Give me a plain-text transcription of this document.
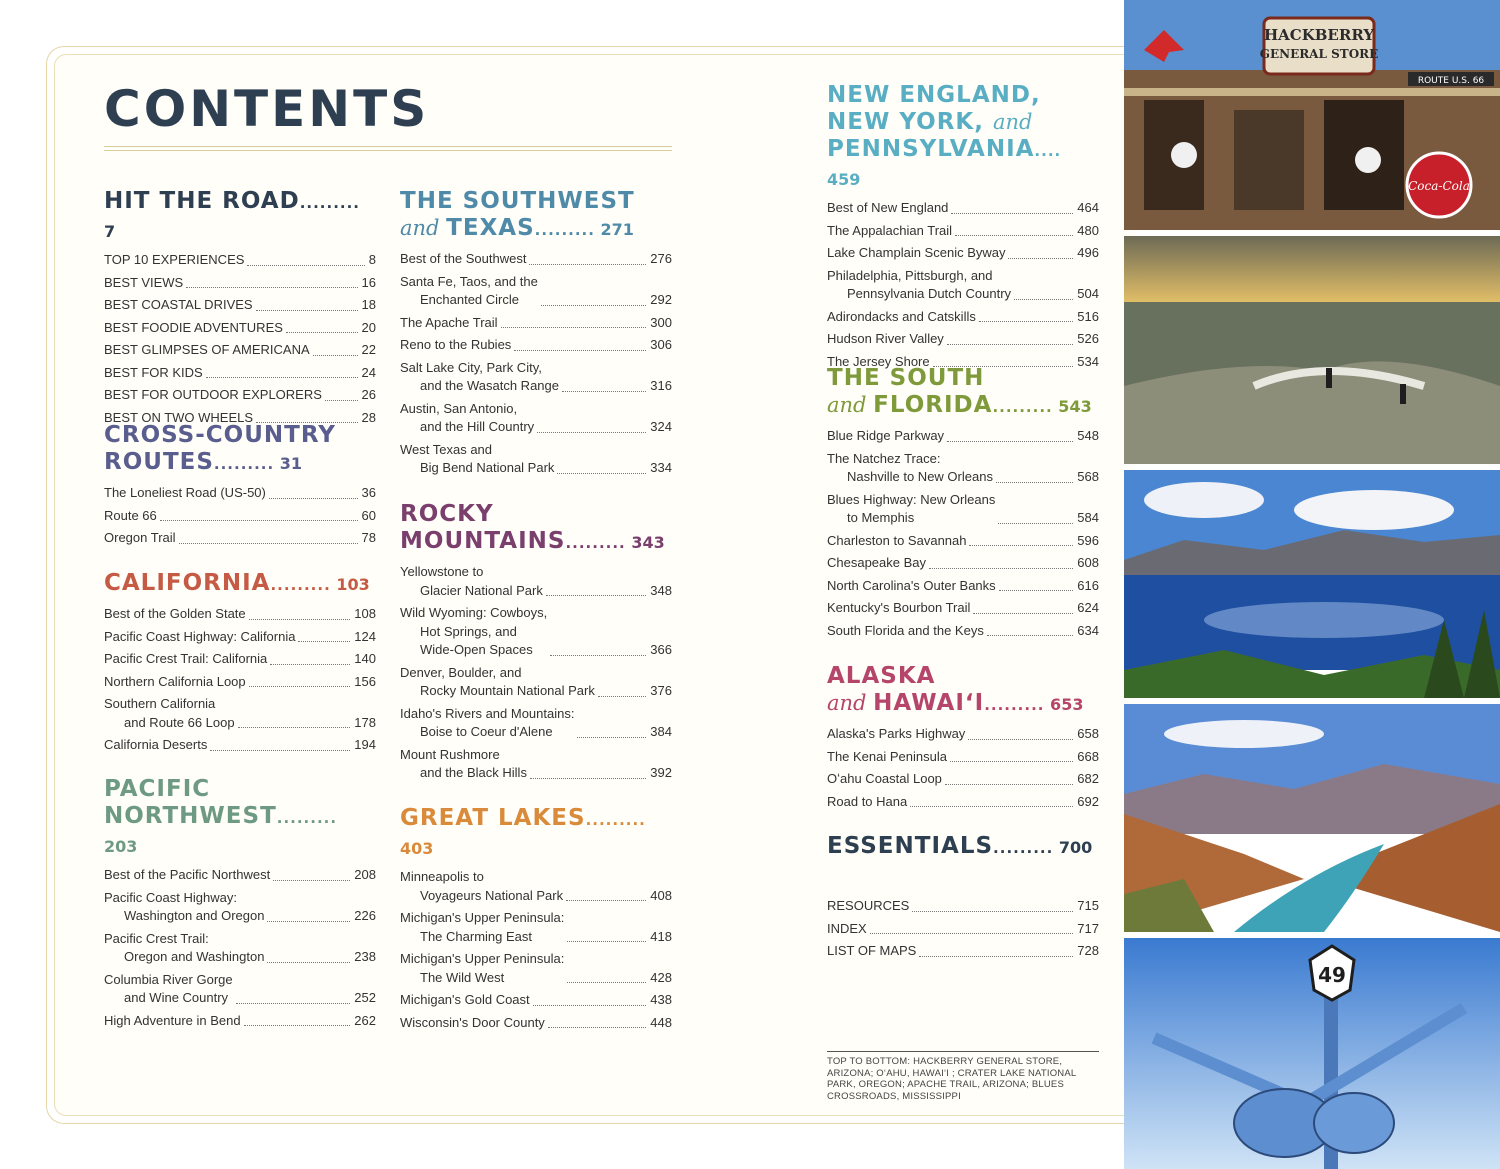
CONTENTS
HIT THE ROAD......... 7
TOP 10 EXPERIENCES	8
BEST VIEWS	16
BEST COASTAL DRIVES	18
BEST FOODIE ADVENTURES	20
BEST GLIMPSES OF AMERICANA	22
BEST FOR KIDS	24
BEST FOR OUTDOOR EXPLORERS	26
BEST ON TWO WHEELS	28
CROSS-COUNTRY
ROUTES......... 31
The Loneliest Road (US-50)	36
Route 66	60
Oregon Trail	78
CALIFORNIA......... 103
Best of the Golden State	108
Pacific Coast Highway: California	124
Pacific Crest Trail: California	140
Northern California Loop	156
Southern California
and Route 66 Loop	178
California Deserts	194
PACIFIC
NORTHWEST......... 203
Best of the Pacific Northwest	208
Pacific Coast Highway:
Washington and Oregon	226
Pacific Crest Trail:
Oregon and Washington	238
Columbia River Gorge
and Wine Country	252
High Adventure in Bend	262
THE SOUTHWEST
and TEXAS......... 271
Best of the Southwest	276
Santa Fe, Taos, and the
Enchanted Circle	292
The Apache Trail	300
Reno to the Rubies	306
Salt Lake City, Park City,
and the Wasatch Range	316
Austin, San Antonio,
and the Hill Country	324
West Texas and
Big Bend National Park	334
ROCKY
MOUNTAINS......... 343
Yellowstone to
Glacier National Park	348
Wild Wyoming: Cowboys,
Hot Springs, and
Wide-Open Spaces	366
Denver, Boulder, and
Rocky Mountain National Park	376
Idaho's Rivers and Mountains:
Boise to Coeur d'Alene	384
Mount Rushmore
and the Black Hills	392
GREAT LAKES......... 403
Minneapolis to
Voyageurs National Park	408
Michigan's Upper Peninsula:
The Charming East	418
Michigan's Upper Peninsula:
The Wild West	428
Michigan's Gold Coast	438
Wisconsin's Door County	448
NEW ENGLAND,
NEW YORK, and
PENNSYLVANIA.... 459
Best of New England	464
The Appalachian Trail	480
Lake Champlain Scenic Byway	496
Philadelphia, Pittsburgh, and
Pennsylvania Dutch Country	504
Adirondacks and Catskills	516
Hudson River Valley	526
The Jersey Shore	534
THE SOUTH
and FLORIDA......... 543
Blue Ridge Parkway	548
The Natchez Trace:
Nashville to New Orleans	568
Blues Highway: New Orleans
to Memphis	584
Charleston to Savannah	596
Chesapeake Bay	608
North Carolina's Outer Banks	616
Kentucky's Bourbon Trail	624
South Florida and the Keys	634
ALASKA
and HAWAIʻI......... 653
Alaska's Parks Highway	658
The Kenai Peninsula	668
Oʻahu Coastal Loop	682
Road to Hana	692
ESSENTIALS......... 700
RESOURCES	715
INDEX	717
LIST OF MAPS	728
HACKBERRY
GENERAL STORE
ROUTE U.S. 66
Coca-Cola
49
TOP TO BOTTOM: HACKBERRY GENERAL STORE, ARIZONA; OʻAHU, HAWAIʻI ; CRATER LAKE NATIONAL PARK, OREGON; APACHE TRAIL, ARIZONA; BLUES CROSSROADS, MISSISSIPPI
